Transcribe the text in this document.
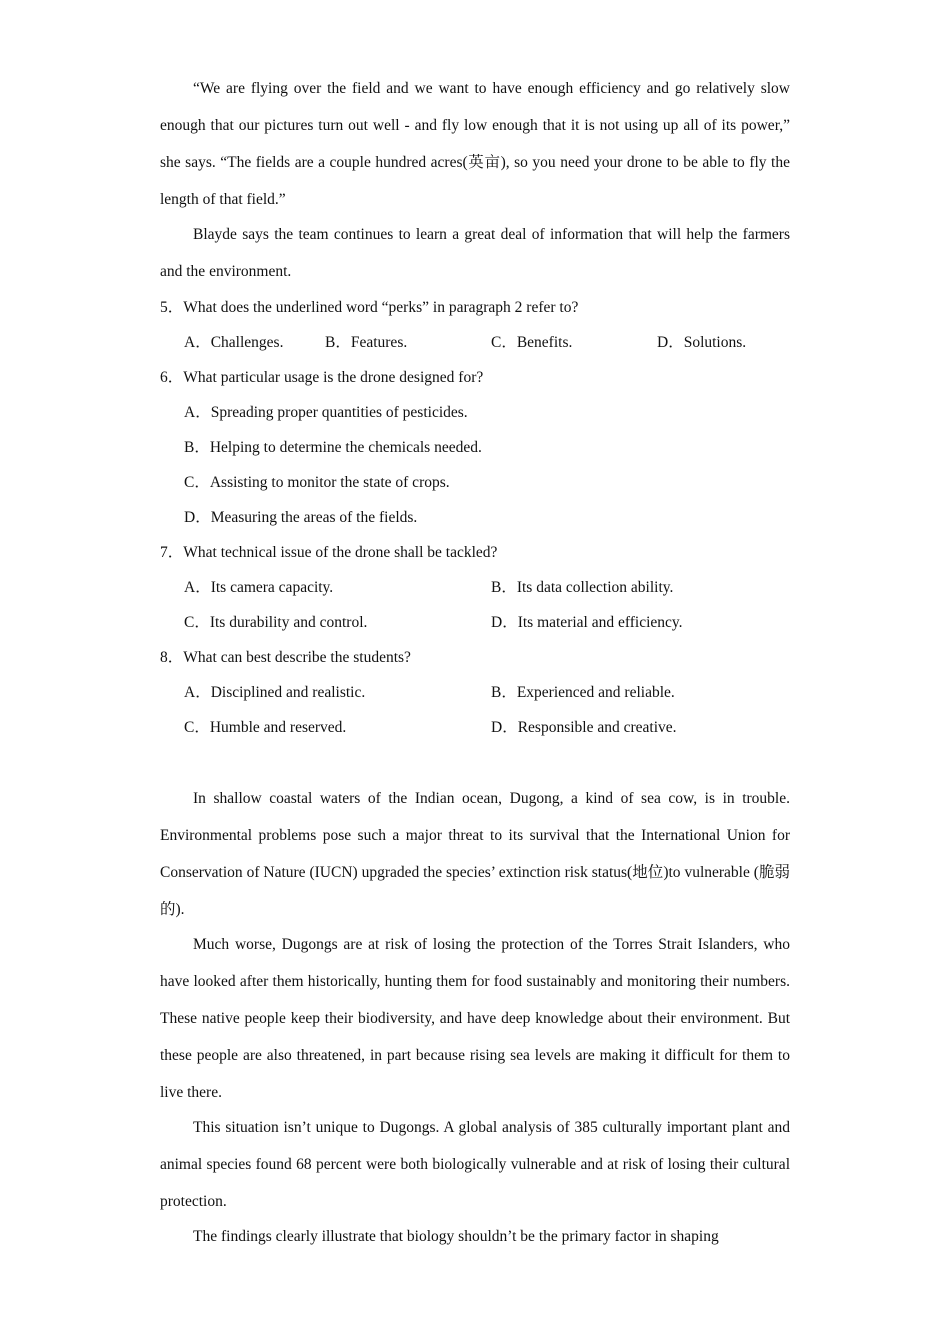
“We are flying over the field and we want to have enough efficiency and go relatively slow enough that our pictures turn out well - and fly low enough that it is not using up all of its power,” she says. “The fields are a couple hundred acres(英亩), so you need your drone to be able to fly the length of that field.”

Blayde says the team continues to learn a great deal of information that will help the farmers and the environment.

5．What does the underlined word “perks” in paragraph 2 refer to?

A．Challenges.	B．Features.	C．Benefits.	D．Solutions.

6．What particular usage is the drone designed for?

A．Spreading proper quantities of pesticides.
B．Helping to determine the chemicals needed.
C．Assisting to monitor the state of crops.
D．Measuring the areas of the fields.

7．What technical issue of the drone shall be tackled?

A．Its camera capacity.	B．Its data collection ability.
C．Its durability and control.	D．Its material and efficiency.

8．What can best describe the students?

A．Disciplined and realistic.	B．Experienced and reliable.
C．Humble and reserved.	D．Responsible and creative.

In shallow coastal waters of the Indian ocean, Dugong, a kind of sea cow, is in trouble. Environmental problems pose such a major threat to its survival that the International Union for Conservation of Nature (IUCN) upgraded the species’ extinction risk status(地位)to vulnerable (脆弱的).

Much worse, Dugongs are at risk of losing the protection of the Torres Strait Islanders, who have looked after them historically, hunting them for food sustainably and monitoring their numbers. These native people keep their biodiversity, and have deep knowledge about their environment. But these people are also threatened, in part because rising sea levels are making it difficult for them to live there.

This situation isn’t unique to Dugongs. A global analysis of 385 culturally important plant and animal species found 68 percent were both biologically vulnerable and at risk of losing their cultural protection.

The findings clearly illustrate that biology shouldn’t be the primary factor in shaping
